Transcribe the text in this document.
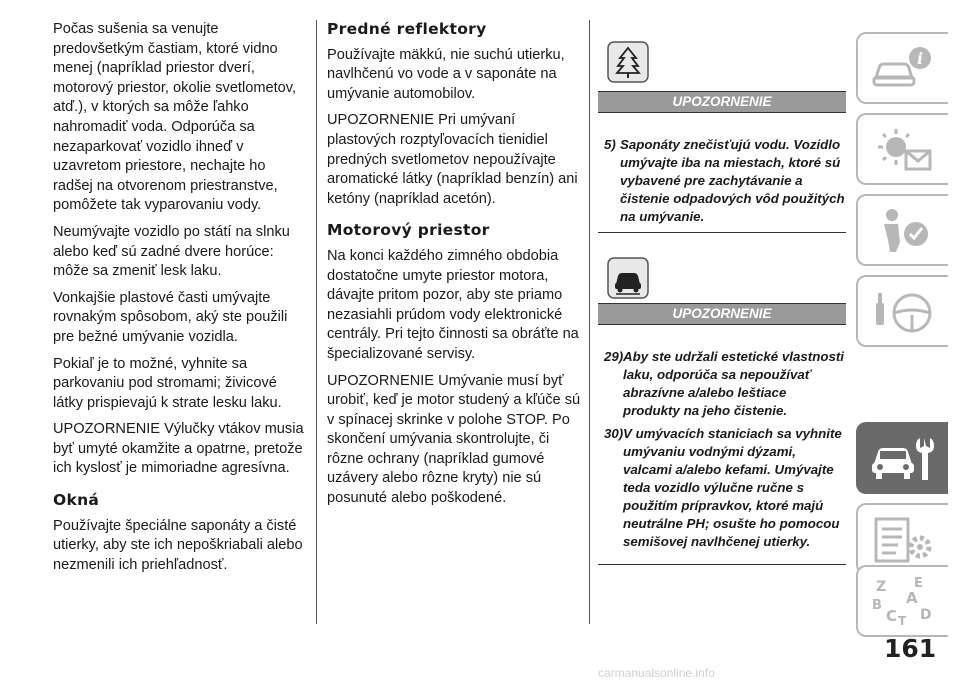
Počas sušenia sa venujte predovšetkým častiam, ktoré vidno menej (napríklad priestor dverí, motorový priestor, okolie svetlometov, atď.), v ktorých sa môže ľahko nahromadiť voda. Odporúča sa nezaparkovať vozidlo ihneď v uzavretom priestore, nechajte ho radšej na otvorenom priestranstve, pomôžete tak vyparovaniu vody.

Neumývajte vozidlo po státí na slnku alebo keď sú zadné dvere horúce: môže sa zmeniť lesk laku.

Vonkajšie plastové časti umývajte rovnakým spôsobom, aký ste použili pre bežné umývanie vozidla.

Pokiaľ je to možné, vyhnite sa parkovaniu pod stromami; živicové látky prispievajú k strate lesku laku.

UPOZORNENIE Výlučky vtákov musia byť umyté okamžite a opatrne, pretože ich kyslosť je mimoriadne agresívna.

Okná

Používajte špeciálne saponáty a čisté utierky, aby ste ich nepoškriabali alebo nezmenili ich priehľadnosť.

Predné reflektory

Používajte mäkkú, nie suchú utierku, navlhčenú vo vode a v saponáte na umývanie automobilov.

UPOZORNENIE Pri umývaní plastových rozptyľovacích tienidiel predných svetlometov nepoužívajte aromatické látky (napríklad benzín) ani ketóny (napríklad acetón).

Motorový priestor

Na konci každého zimného obdobia dostatočne umyte priestor motora, dávajte pritom pozor, aby ste priamo nezasiahli prúdom vody elektronické centrály. Pri tejto činnosti sa obráťte na špecializované servisy.

UPOZORNENIE Umývanie musí byť urobiť, keď je motor studený a kľúče sú v spínacej skrinke v polohe STOP. Po skončení umývania skontrolujte, či rôzne ochrany (napríklad gumové uzávery alebo rôzne kryty) nie sú posunuté alebo poškodené.

UPOZORNENIE
5) Saponáty znečisťujú vodu. Vozidlo umývajte iba na miestach, ktoré sú vybavené pre zachytávanie a čistenie odpadových vôd použitých na umývanie.
UPOZORNENIE
29) Aby ste udržali estetické vlastnosti laku, odporúča sa nepoužívať abrazívne a/alebo leštiace produkty na jeho čistenie.
30) V umývacích staniciach sa vyhnite umývaniu vodnými dýzami, valcami a/alebo kefami. Umývajte teda vozidlo výlučne ručne s použitím prípravkov, ktoré majú neutrálne PH; osušte ho pomocou semišovej navlhčenej utierky.
i
Z E
A
B
C T D
161
carmanualsonline.info
